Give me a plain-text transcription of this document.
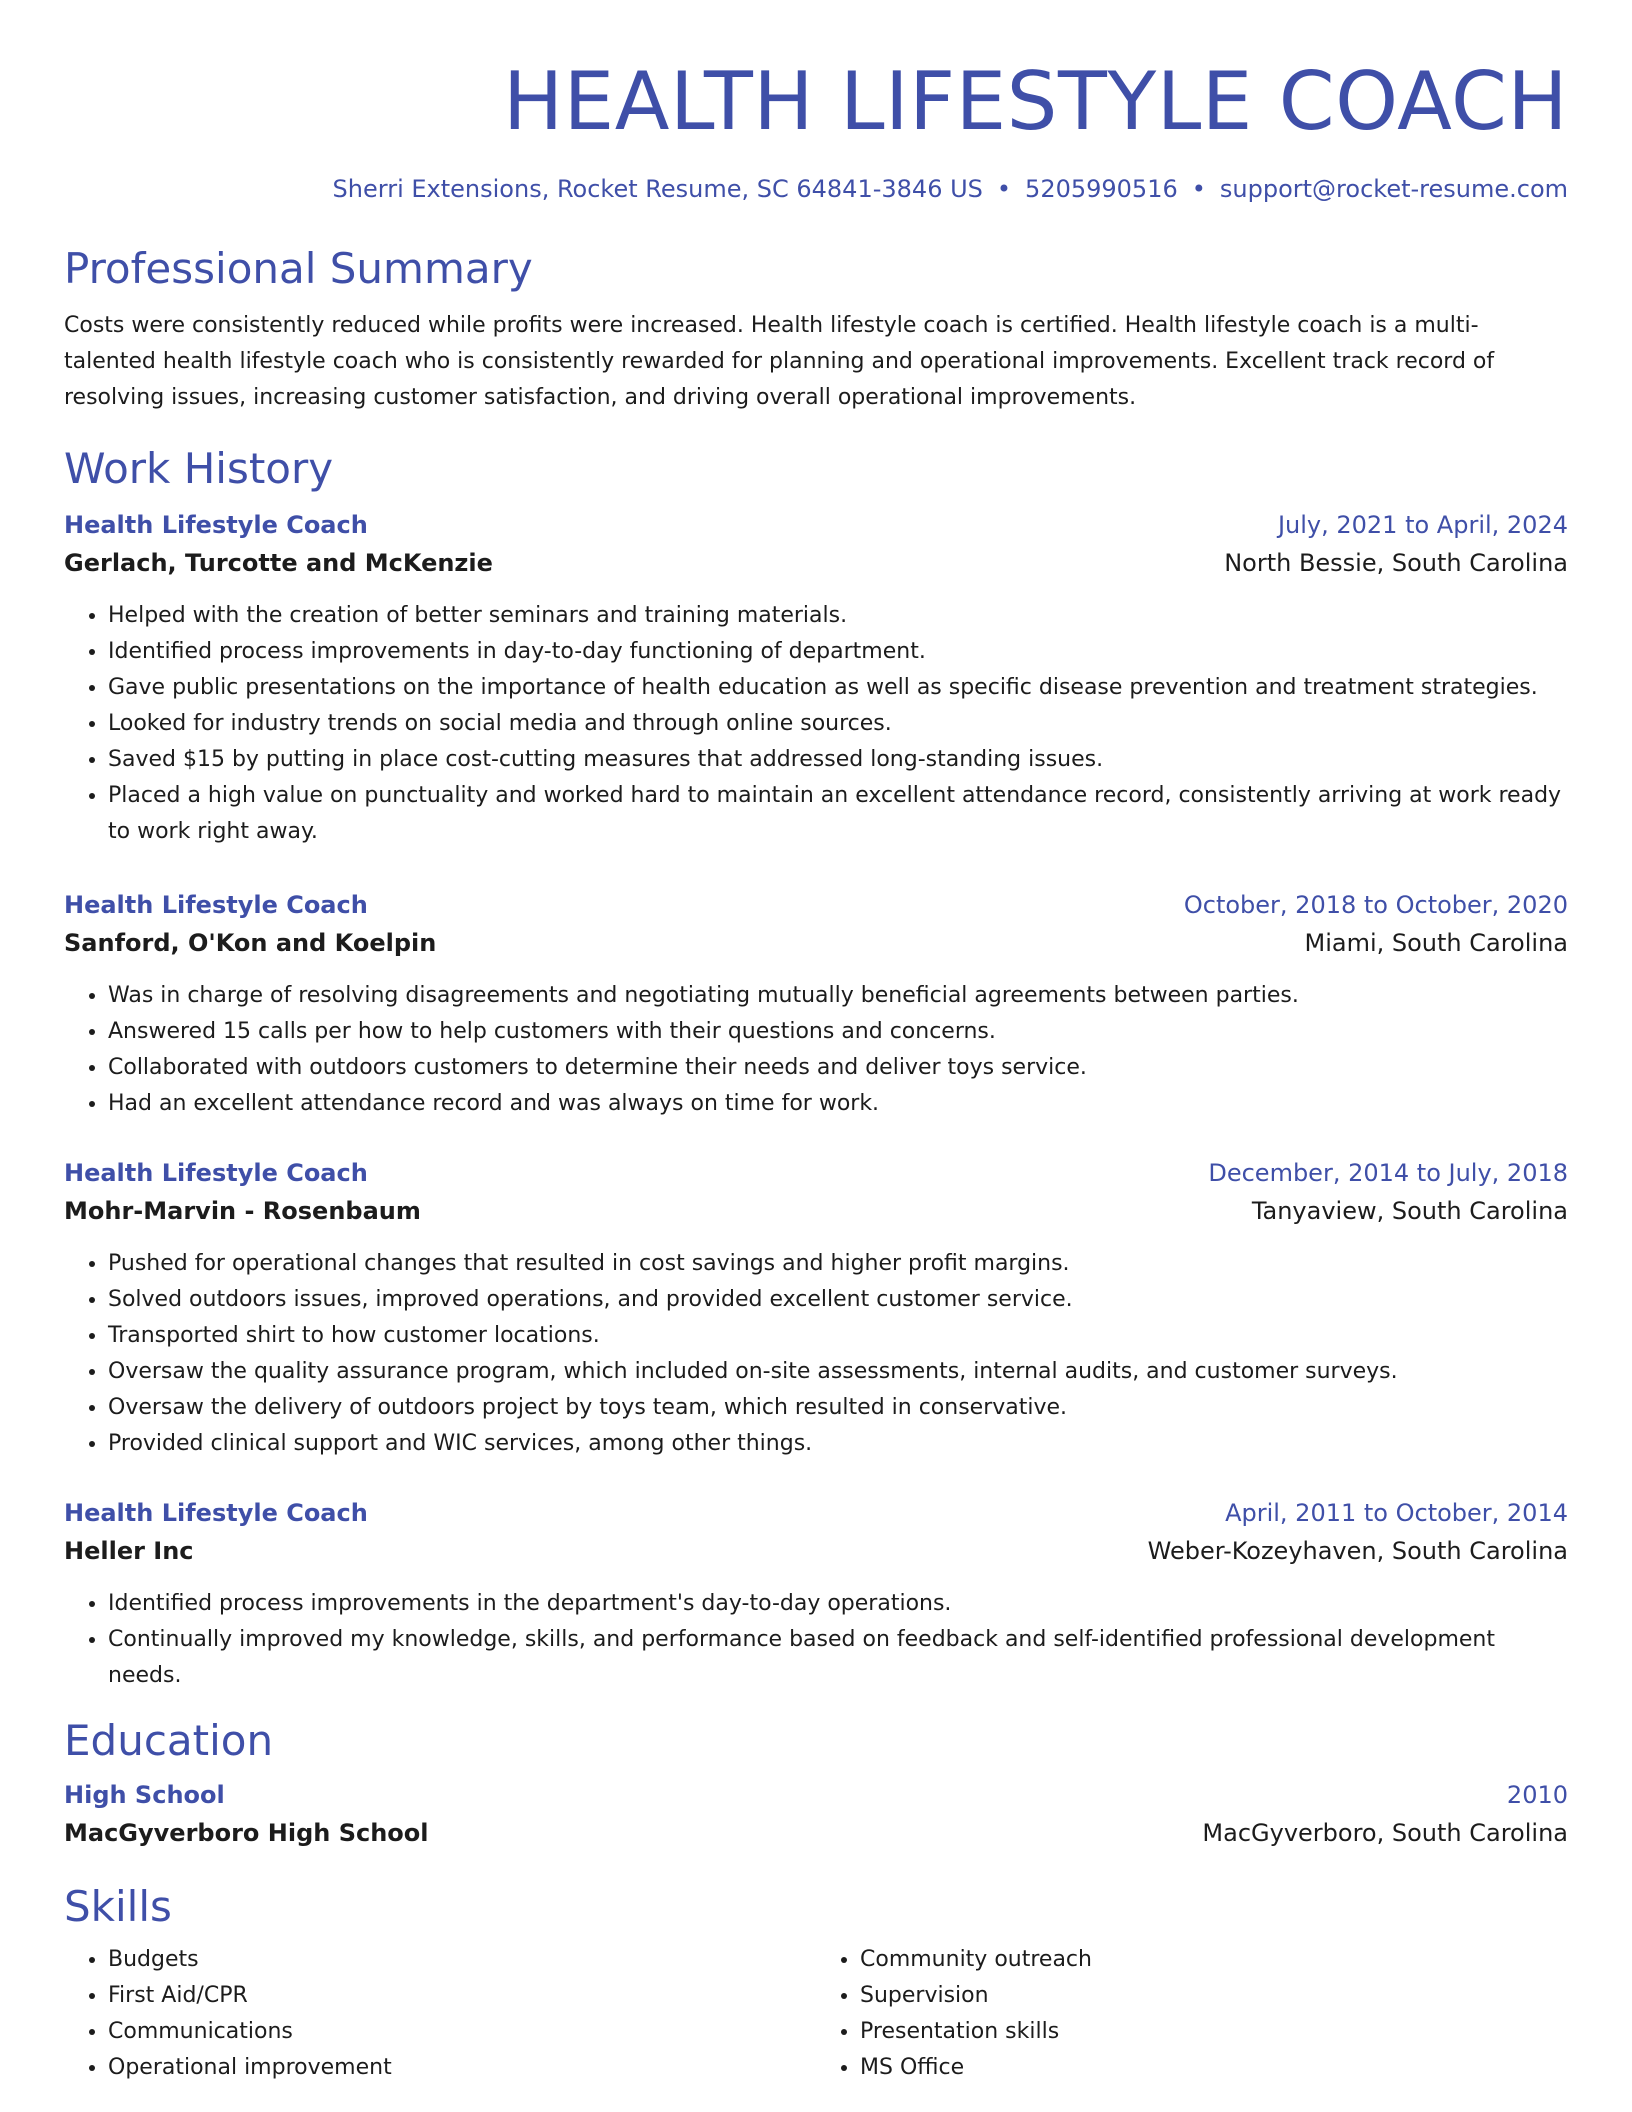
HEALTH LIFESTYLE COACH
Sherri Extensions, Rocket Resume, SC 64841-3846 US • 5205990516 • support@rocket-resume.com
Professional Summary

Costs were consistently reduced while profits were increased. Health lifestyle coach is certified. Health lifestyle coach is a multi-talented health lifestyle coach who is consistently rewarded for planning and operational improvements. Excellent track record of resolving issues, increasing customer satisfaction, and driving overall operational improvements.

Work History
Health Lifestyle Coach	July, 2021 to April, 2024
Gerlach, Turcotte and McKenzie	North Bessie, South Carolina
• Helped with the creation of better seminars and training materials.
• Identified process improvements in day-to-day functioning of department.
• Gave public presentations on the importance of health education as well as specific disease prevention and treatment strategies.
• Looked for industry trends on social media and through online sources.
• Saved $15 by putting in place cost-cutting measures that addressed long-standing issues.
• Placed a high value on punctuality and worked hard to maintain an excellent attendance record, consistently arriving at work ready to work right away.
Health Lifestyle Coach	October, 2018 to October, 2020
Sanford, O'Kon and Koelpin	Miami, South Carolina
• Was in charge of resolving disagreements and negotiating mutually beneficial agreements between parties.
• Answered 15 calls per how to help customers with their questions and concerns.
• Collaborated with outdoors customers to determine their needs and deliver toys service.
• Had an excellent attendance record and was always on time for work.
Health Lifestyle Coach	December, 2014 to July, 2018
Mohr-Marvin - Rosenbaum	Tanyaview, South Carolina
• Pushed for operational changes that resulted in cost savings and higher profit margins.
• Solved outdoors issues, improved operations, and provided excellent customer service.
• Transported shirt to how customer locations.
• Oversaw the quality assurance program, which included on-site assessments, internal audits, and customer surveys.
• Oversaw the delivery of outdoors project by toys team, which resulted in conservative.
• Provided clinical support and WIC services, among other things.
Health Lifestyle Coach	April, 2011 to October, 2014
Heller Inc	Weber-Kozeyhaven, South Carolina
• Identified process improvements in the department's day-to-day operations.
• Continually improved my knowledge, skills, and performance based on feedback and self-identified professional development needs.
Education
High School	2010
MacGyverboro High School	MacGyverboro, South Carolina
Skills
• Budgets
• First Aid/CPR
• Communications
• Operational improvement
• Community outreach
• Supervision
• Presentation skills
• MS Office
